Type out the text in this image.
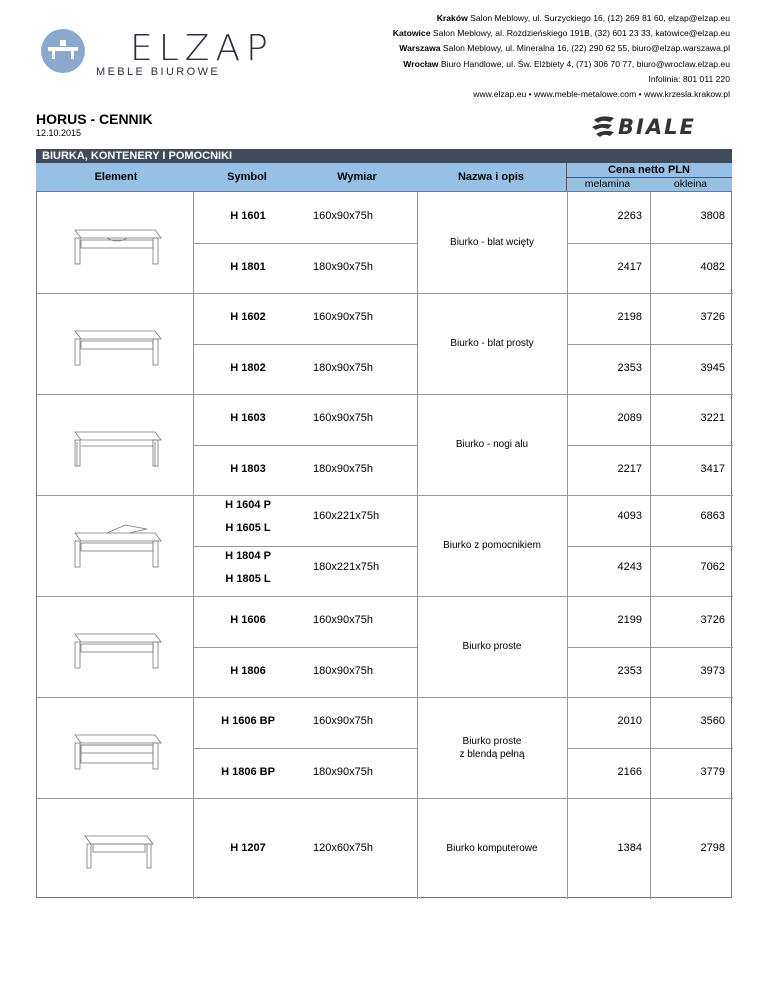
ELZAP
MEBLE BIUROWE
Kraków Salon Meblowy, ul. Surzyckiego 16, (12) 269 81 60, elzap@elzap.eu
Katowice Salon Meblowy, al. Rożdzieńskiego 191B, (32) 601 23 33, katowice@elzap.eu
Warszawa Salon Meblowy, ul. Mineralna 16, (22) 290 62 55, biuro@elzap.warszawa.pl
Wrocław Biuro Handlowe, ul. Św. Elżbiety 4, (71) 306 70 77, biuro@wroclaw.elzap.eu
Infolinia: 801 011 220
www.elzap.eu • www.meble-metalowe.com • www.krzesla.krakow.pl
HORUS - CENNIK
12.10.2015	BIALE
BIURKA, KONTENERY I POMOCNIKI
Element	Symbol	Wymiar	Nazwa i opis
Cena netto PLN
melamina	okleina
Biurko - blat wcięty
H 1601	160x90x75h	2263	3808
H 1801	180x90x75h	2417	4082
Biurko - blat prosty
H 1602	160x90x75h	2198	3726
H 1802	180x90x75h	2353	3945
Biurko - nogi alu
H 1603	160x90x75h	2089	3221
H 1803	180x90x75h	2217	3417
Biurko z pomocnikiem
H 1604 P
H 1605 L
160x221x75h	4093	6863
H 1804 P
H 1805 L
180x221x75h	4243	7062
Biurko proste
H 1606	160x90x75h	2199	3726
H 1806	180x90x75h	2353	3973
Biurko proste
z blendą pełną
H 1606 BP	160x90x75h	2010	3560
H 1806 BP	180x90x75h	2166	3779
Biurko komputerowe
H 1207	120x60x75h	1384	2798
